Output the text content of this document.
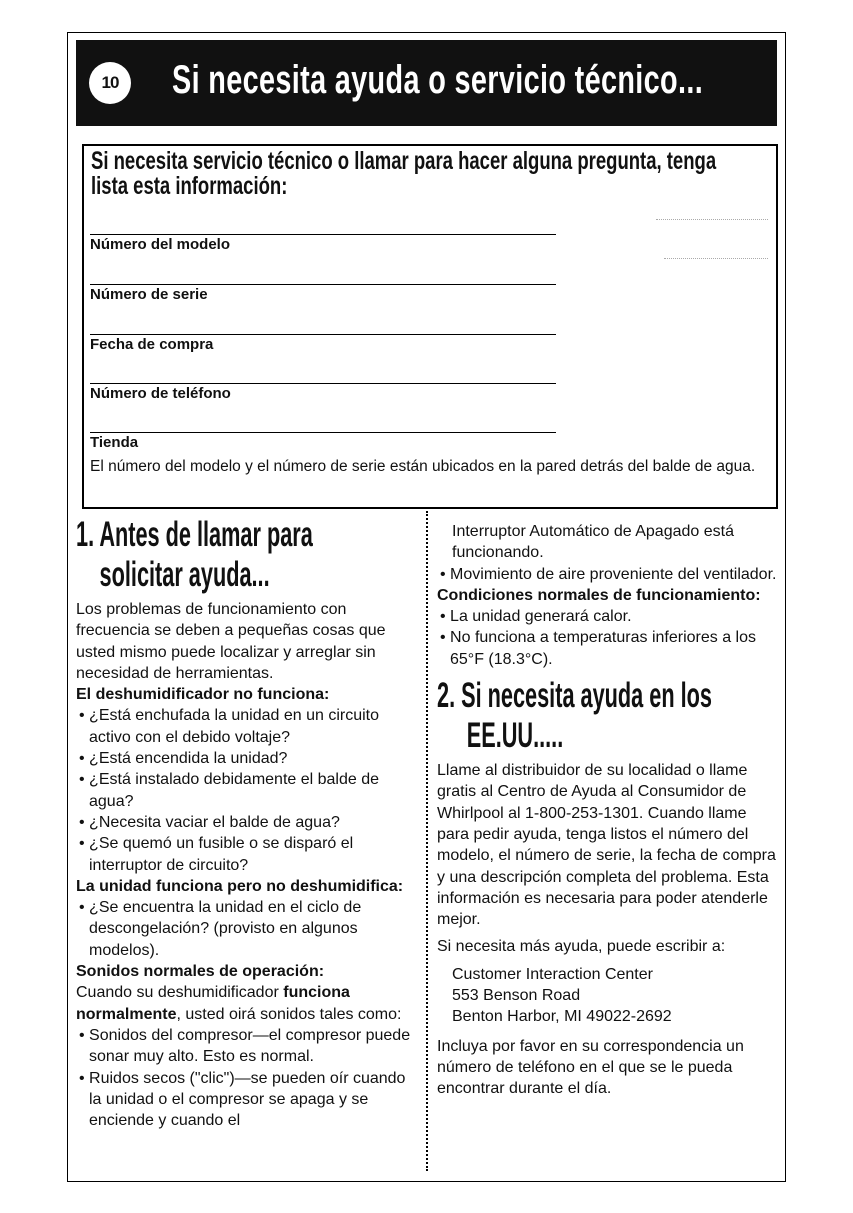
10	Si necesita ayuda o servicio técnico...
Si necesita servicio técnico o llamar para hacer alguna pregunta, tenga lista esta información:
Número del modelo
Número de serie
Fecha de compra
Número de teléfono
Tienda
El número del modelo y el número de serie están ubicados en la pared detrás del balde de agua.
1. Antes de llamar para
solicitar ayuda...

Los problemas de funcionamiento con frecuencia se deben a pequeñas cosas que usted mismo puede localizar y arreglar sin necesidad de herramientas.

El deshumidificador no funciona:

• ¿Está enchufada la unidad en un circuito activo con el debido voltaje?

• ¿Está encendida la unidad?

• ¿Está instalado debidamente el balde de agua?

• ¿Necesita vaciar el balde de agua?

• ¿Se quemó un fusible o se disparó el interruptor de circuito?

La unidad funciona pero no deshumidifica:

• ¿Se encuentra la unidad en el ciclo de descongelación? (provisto en algunos modelos).

Sonidos normales de operación:

Cuando su deshumidificador funciona normalmente, usted oirá sonidos tales como:

• Sonidos del compresor—el compresor puede sonar muy alto. Esto es normal.

• Ruidos secos ("clic")—se pueden oír cuando la unidad o el compresor se apaga y se enciende y cuando el

Interruptor Automático de Apagado está funcionando.

• Movimiento de aire proveniente del ventilador.

Condiciones normales de funcionamiento:

• La unidad generará calor.

• No funciona a temperaturas inferiores a los 65°F (18.3°C).

2. Si necesita ayuda en los
EE.UU.....

Llame al distribuidor de su localidad o llame gratis al Centro de Ayuda al Consumidor de Whirlpool al 1-800-253-1301. Cuando llame para pedir ayuda, tenga listos el número del modelo, el número de serie, la fecha de compra y una descripción completa del problema. Esta información es necesaria para poder atenderle mejor.

Si necesita más ayuda, puede escribir a:

Customer Interaction Center

553 Benson Road

Benton Harbor, MI 49022-2692

Incluya por favor en su correspondencia un número de teléfono en el que se le pueda encontrar durante el día.
